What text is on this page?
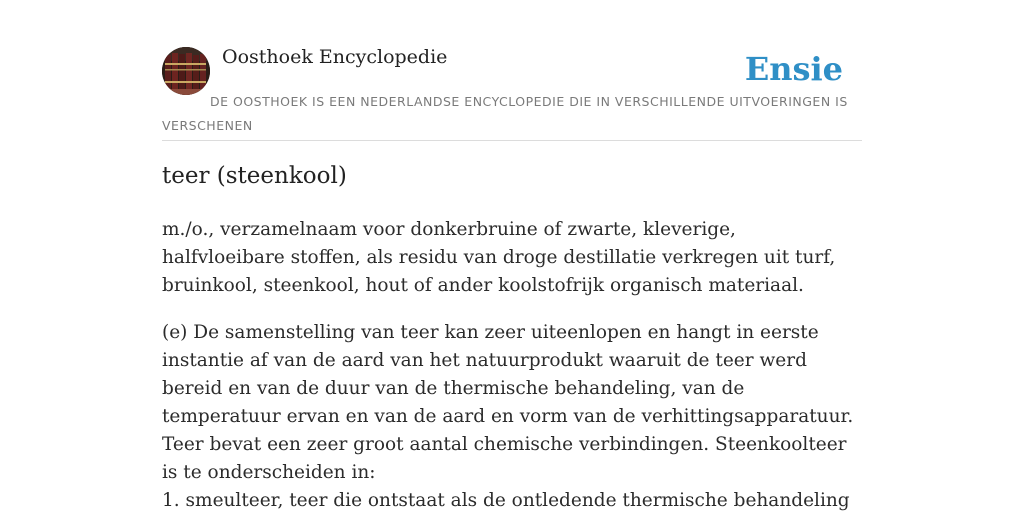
Oosthoek Encyclopedie	Ensie
DE OOSTHOEK IS EEN NEDERLANDSE ENCYCLOPEDIE DIE IN VERSCHILLENDE UITVOERINGEN IS VERSCHENEN
teer (steenkool)

m./o., verzamelnaam voor donkerbruine of zwarte, kleverige, halfvloeibare stoffen, als residu van droge destillatie verkregen uit turf, bruinkool, steenkool, hout of ander koolstofrijk organisch materiaal.

(e) De samenstelling van teer kan zeer uiteenlopen en hangt in eerste instantie af van de aard van het natuurprodukt waaruit de teer werd bereid en van de duur van de thermische behandeling, van de temperatuur ervan en van de aard en vorm van de verhittingsapparatuur. Teer bevat een zeer groot aantal chemische verbindingen. Steenkoolteer is te onderscheiden in:

1. smeulteer, teer die ontstaat als de ontledende thermische behandeling
